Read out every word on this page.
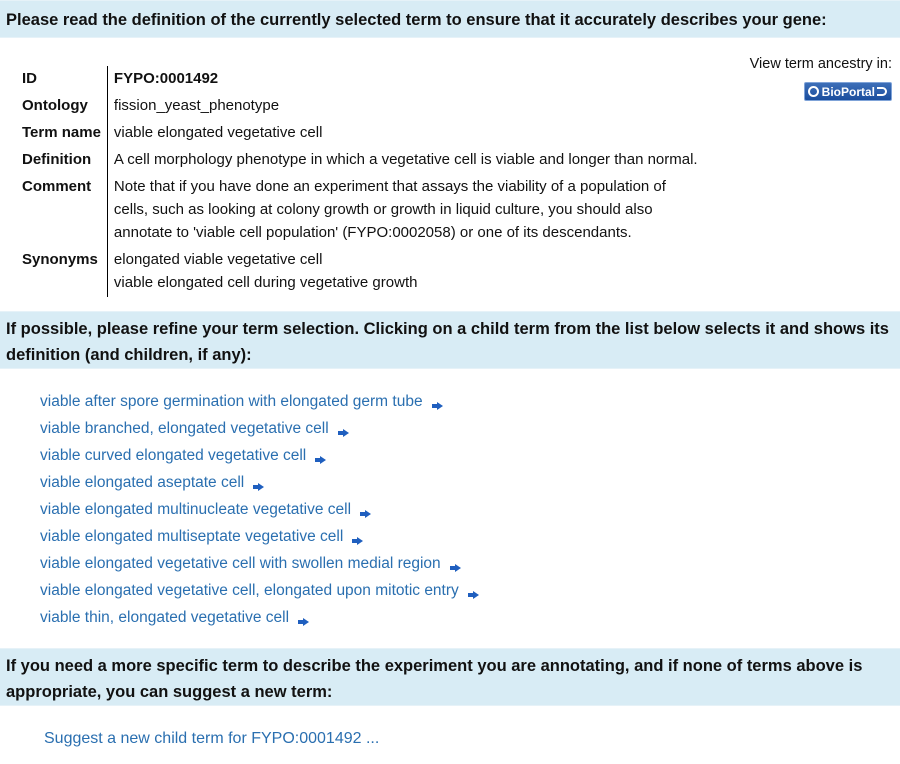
Please read the definition of the currently selected term to ensure that it accurately describes your gene:
ID	FYPO:0001492
Ontology	fission_yeast_phenotype
Term name	viable elongated vegetative cell
Definition	A cell morphology phenotype in which a vegetative cell is viable and longer than normal.
Comment	Note that if you have done an experiment that assays the viability of a population of
cells, such as looking at colony growth or growth in liquid culture, you should also
annotate to 'viable cell population' (FYPO:0002058) or one of its descendants.

Synonyms	elongated viable vegetative cell
viable elongated cell during vegetative growth
View term ancestry in:
BioPortal
If possible, please refine your term selection. Clicking on a child term from the list below selects it and shows its definition (and children, if any):
viable after spore germination with elongated germ tube
viable branched, elongated vegetative cell
viable curved elongated vegetative cell
viable elongated aseptate cell
viable elongated multinucleate vegetative cell
viable elongated multiseptate vegetative cell
viable elongated vegetative cell with swollen medial region
viable elongated vegetative cell, elongated upon mitotic entry
viable thin, elongated vegetative cell
If you need a more specific term to describe the experiment you are annotating, and if none of terms above is appropriate, you can suggest a new term:
Suggest a new child term for FYPO:0001492 ...
